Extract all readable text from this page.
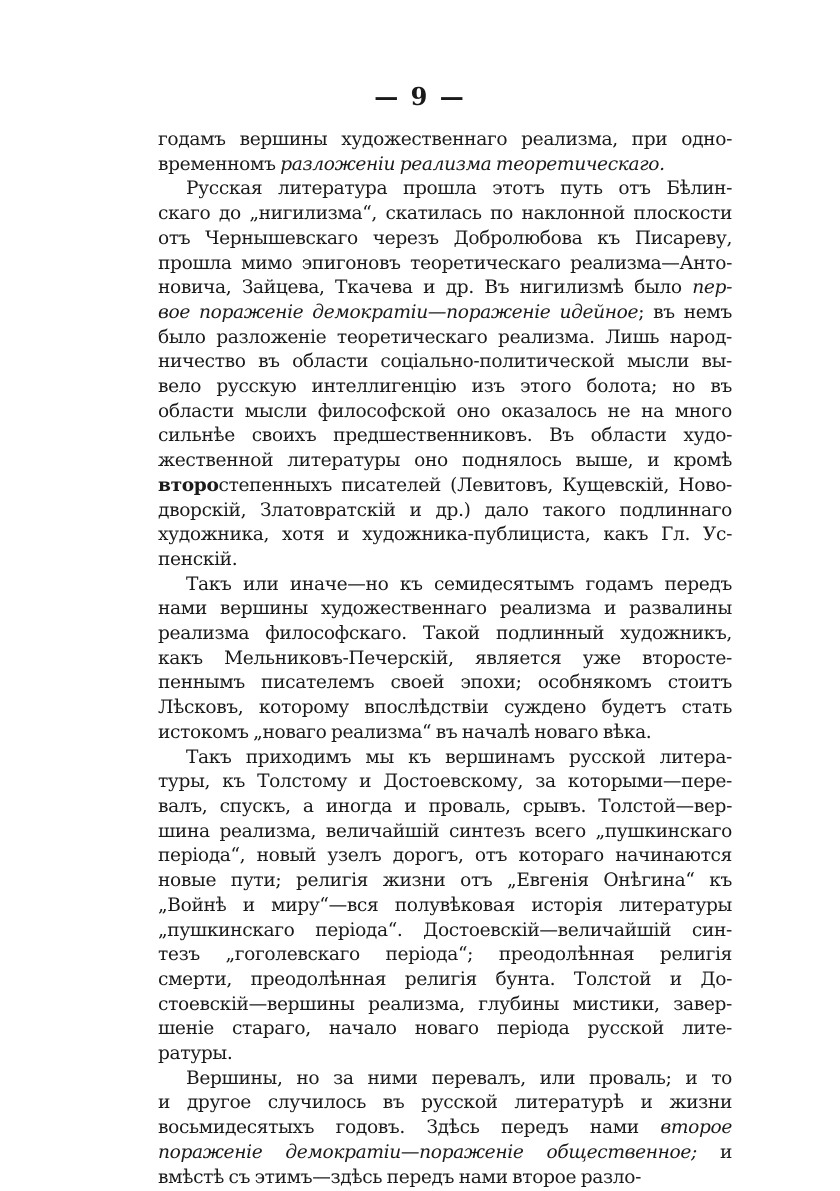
— 9 —
годамъ вершины художественнаго реализма, при одно-
временномъ разложенiи реализма теоретическаго.
Русская литература прошла этотъ путь отъ Бѣлин-
скаго до „нигилизма“, скатилась по наклонной плоскости
отъ Чернышевскаго черезъ Добролюбова къ Писареву,
прошла мимо эпигоновъ теоретическаго реализма—Анто-
новича, Зайцева, Ткачева и др. Въ нигилизмѣ было пер-
вое пораженiе демократiи—пораженiе идейное; въ немъ
было разложенiе теоретическаго реализма. Лишь народ-
ничество въ области соцiально-политической мысли вы-
вело русскую интеллигенцiю изъ этого болота; но въ
области мысли философской оно оказалось не на много
сильнѣе своихъ предшественниковъ. Въ области худо-
жественной литературы оно поднялось выше, и кромѣ
второстепенныхъ писателей (Левитовъ, Кущевскiй, Ново-
дворскiй, Златовратскiй и др.) дало такого подлиннаго
художника, хотя и художника-публициста, какъ Гл. Ус-
пенскiй.
Такъ или иначе—но къ семидесятымъ годамъ передъ
нами вершины художественнаго реализма и развалины
реализма философскаго. Такой подлинный художникъ,
какъ Мельниковъ-Печерскiй, является уже второсте-
пеннымъ писателемъ своей эпохи; особнякомъ стоитъ
Лѣсковъ, которому впослѣдствiи суждено будетъ стать
истокомъ „новаго реализма“ въ началѣ новаго вѣка.
Такъ приходимъ мы къ вершинамъ русской литера-
туры, къ Толстому и Достоевскому, за которыми—пере-
валъ, спускъ, а иногда и проваль, срывъ. Толстой—вер-
шина реализма, величайшiй синтезъ всего „пушкинскаго
перiода“, новый узелъ дорогъ, отъ котораго начинаются
новые пути; религiя жизни отъ „Евгенiя Онѣгина“ къ
„Войнѣ и миру“—вся полувѣковая исторiя литературы
„пушкинскаго перiода“. Достоевскiй—величайшiй син-
тезъ „гоголевскаго перiода“; преодолѣнная религiя
смерти, преодолѣнная религiя бунта. Толстой и До-
стоевскiй—вершины реализма, глубины мистики, завер-
шенiе стараго, начало новаго перiода русской лите-
ратуры.
Вершины, но за ними перевалъ, или проваль; и то
и другое случилось въ русской литературѣ и жизни
восьмидесятыхъ годовъ. Здѣсь передъ нами второе
пораженiе демократiи—пораженiе общественное; и
вмѣстѣ съ этимъ—здѣсь передъ нами второе разло-
